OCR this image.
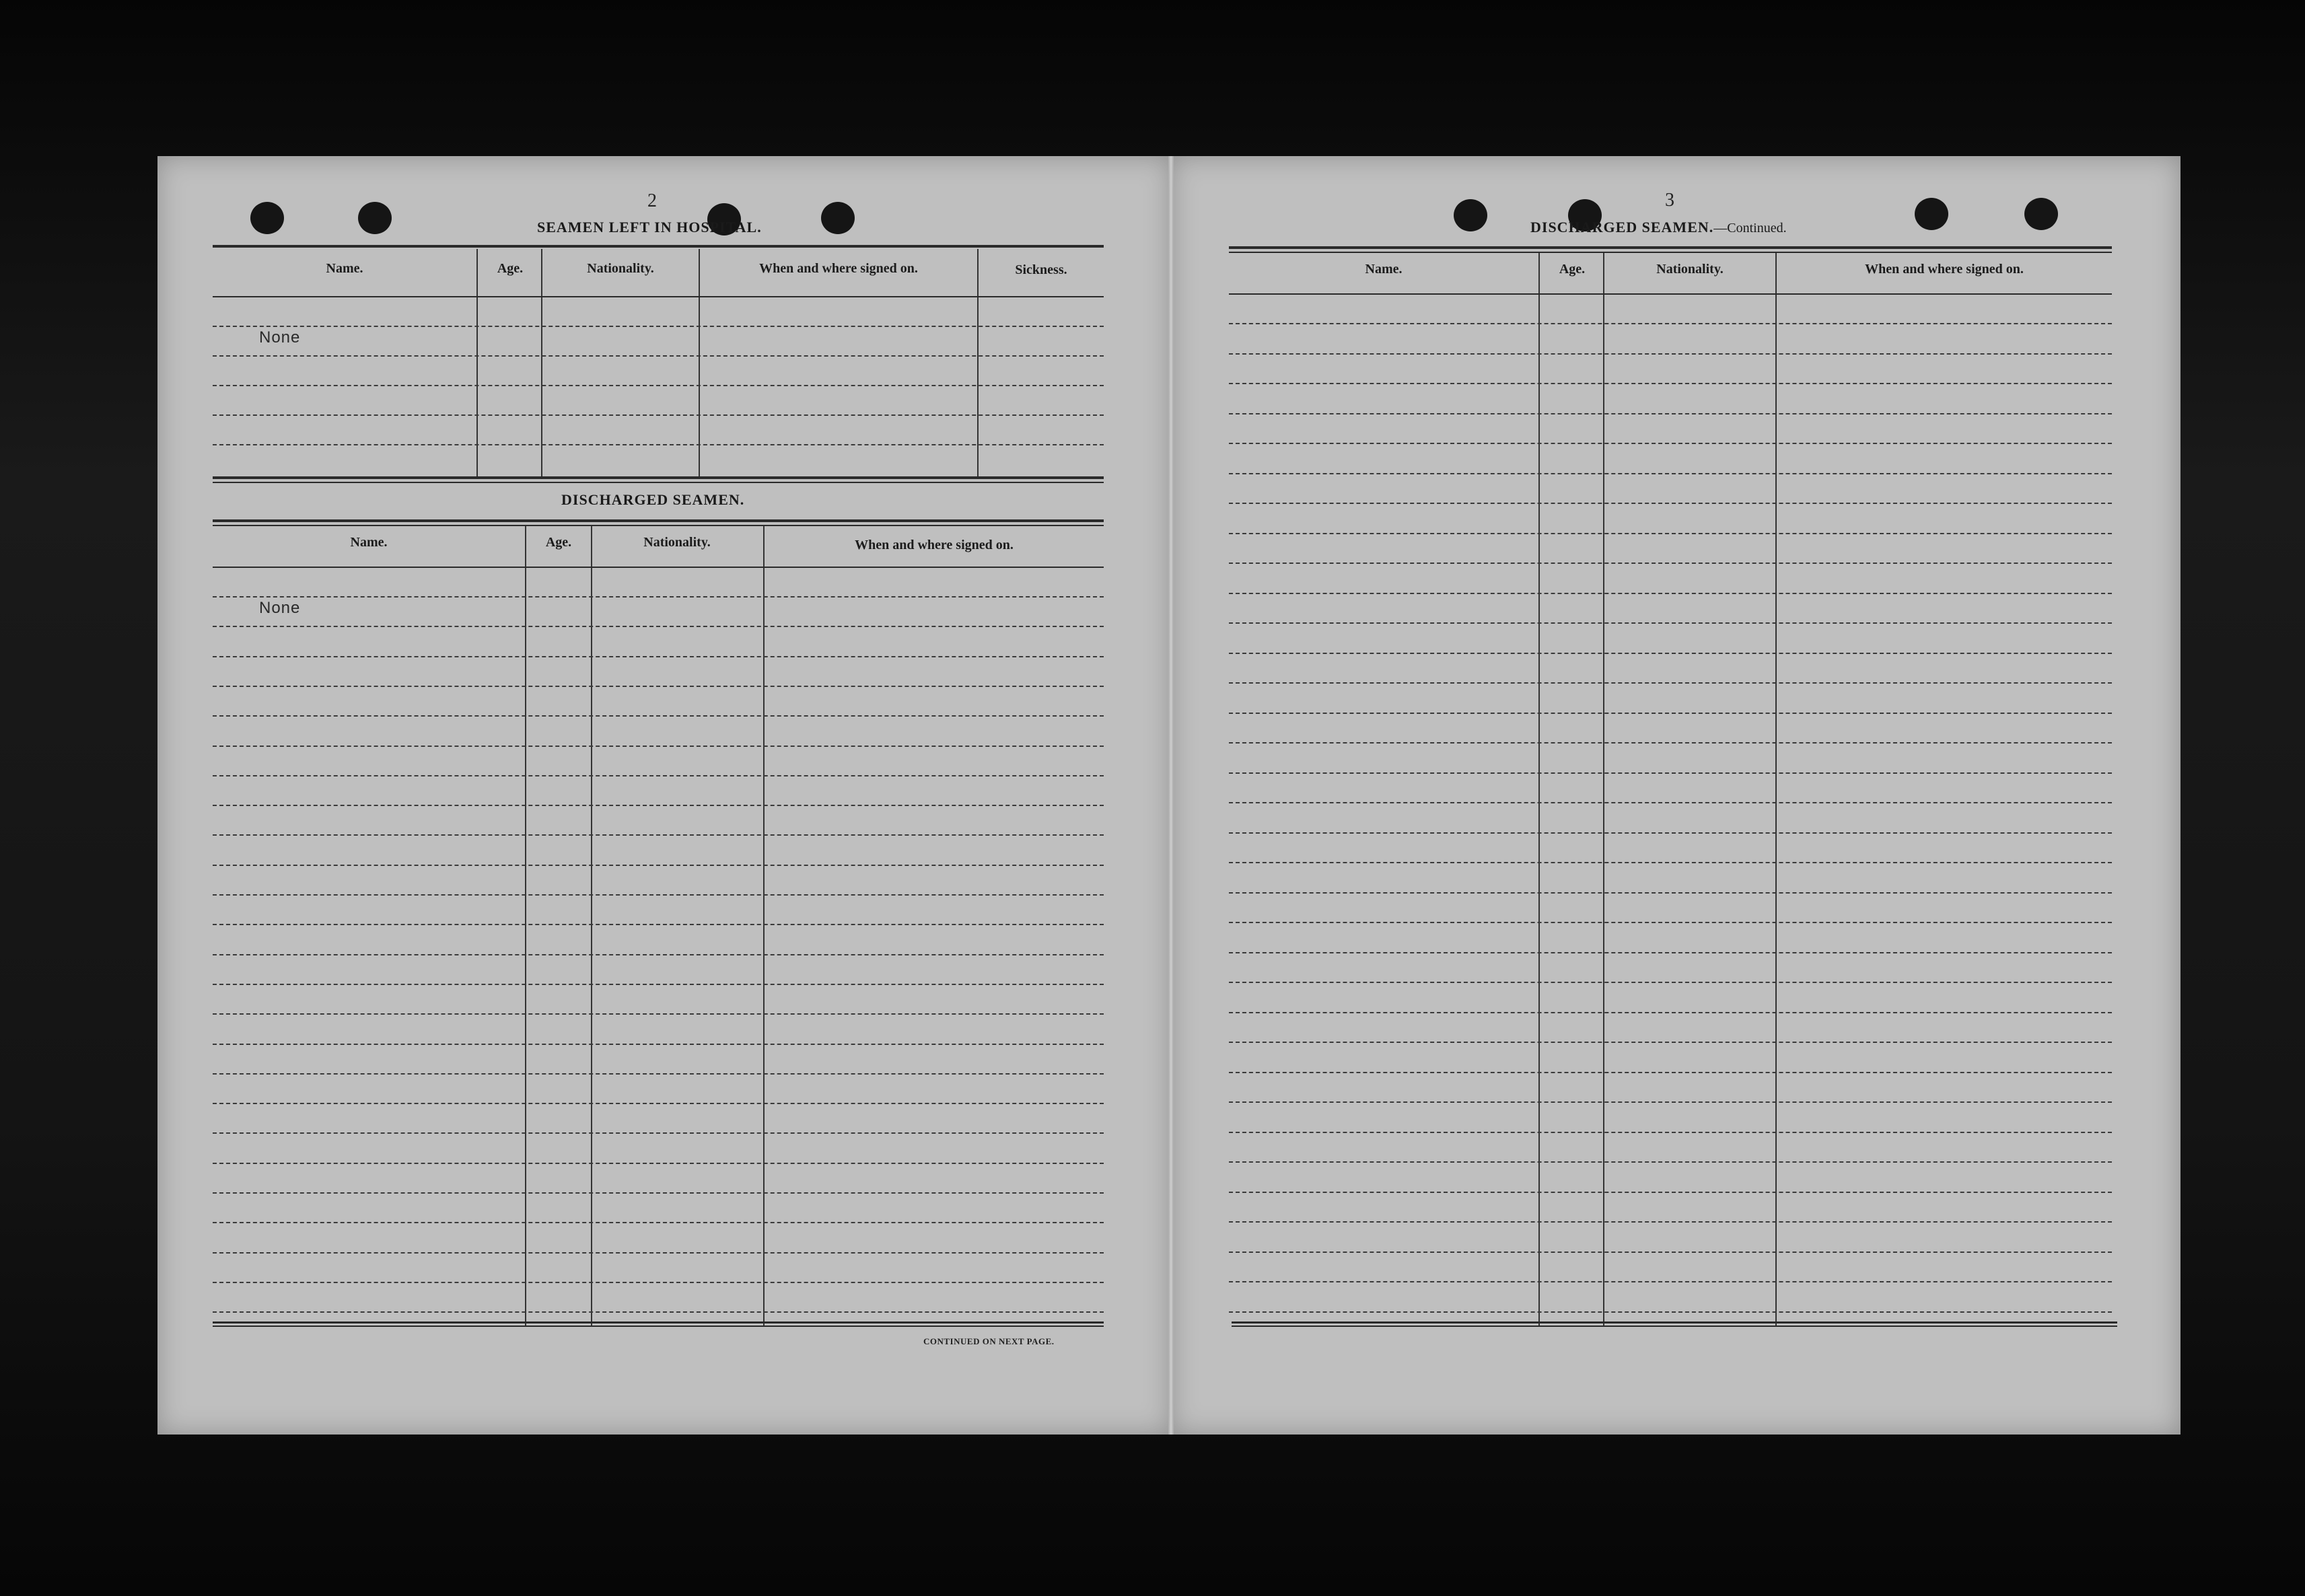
2
SEAMEN LEFT IN HOSPITAL.
Name.	Age.	Nationality.	When and where signed on.	Sickness.
None
DISCHARGED SEAMEN.
Name.	Age.	Nationality.	When and where signed on.
None
CONTINUED ON NEXT PAGE.
3
DISCHARGED SEAMEN.—Continued.
Name.	Age.	Nationality.	When and where signed on.
